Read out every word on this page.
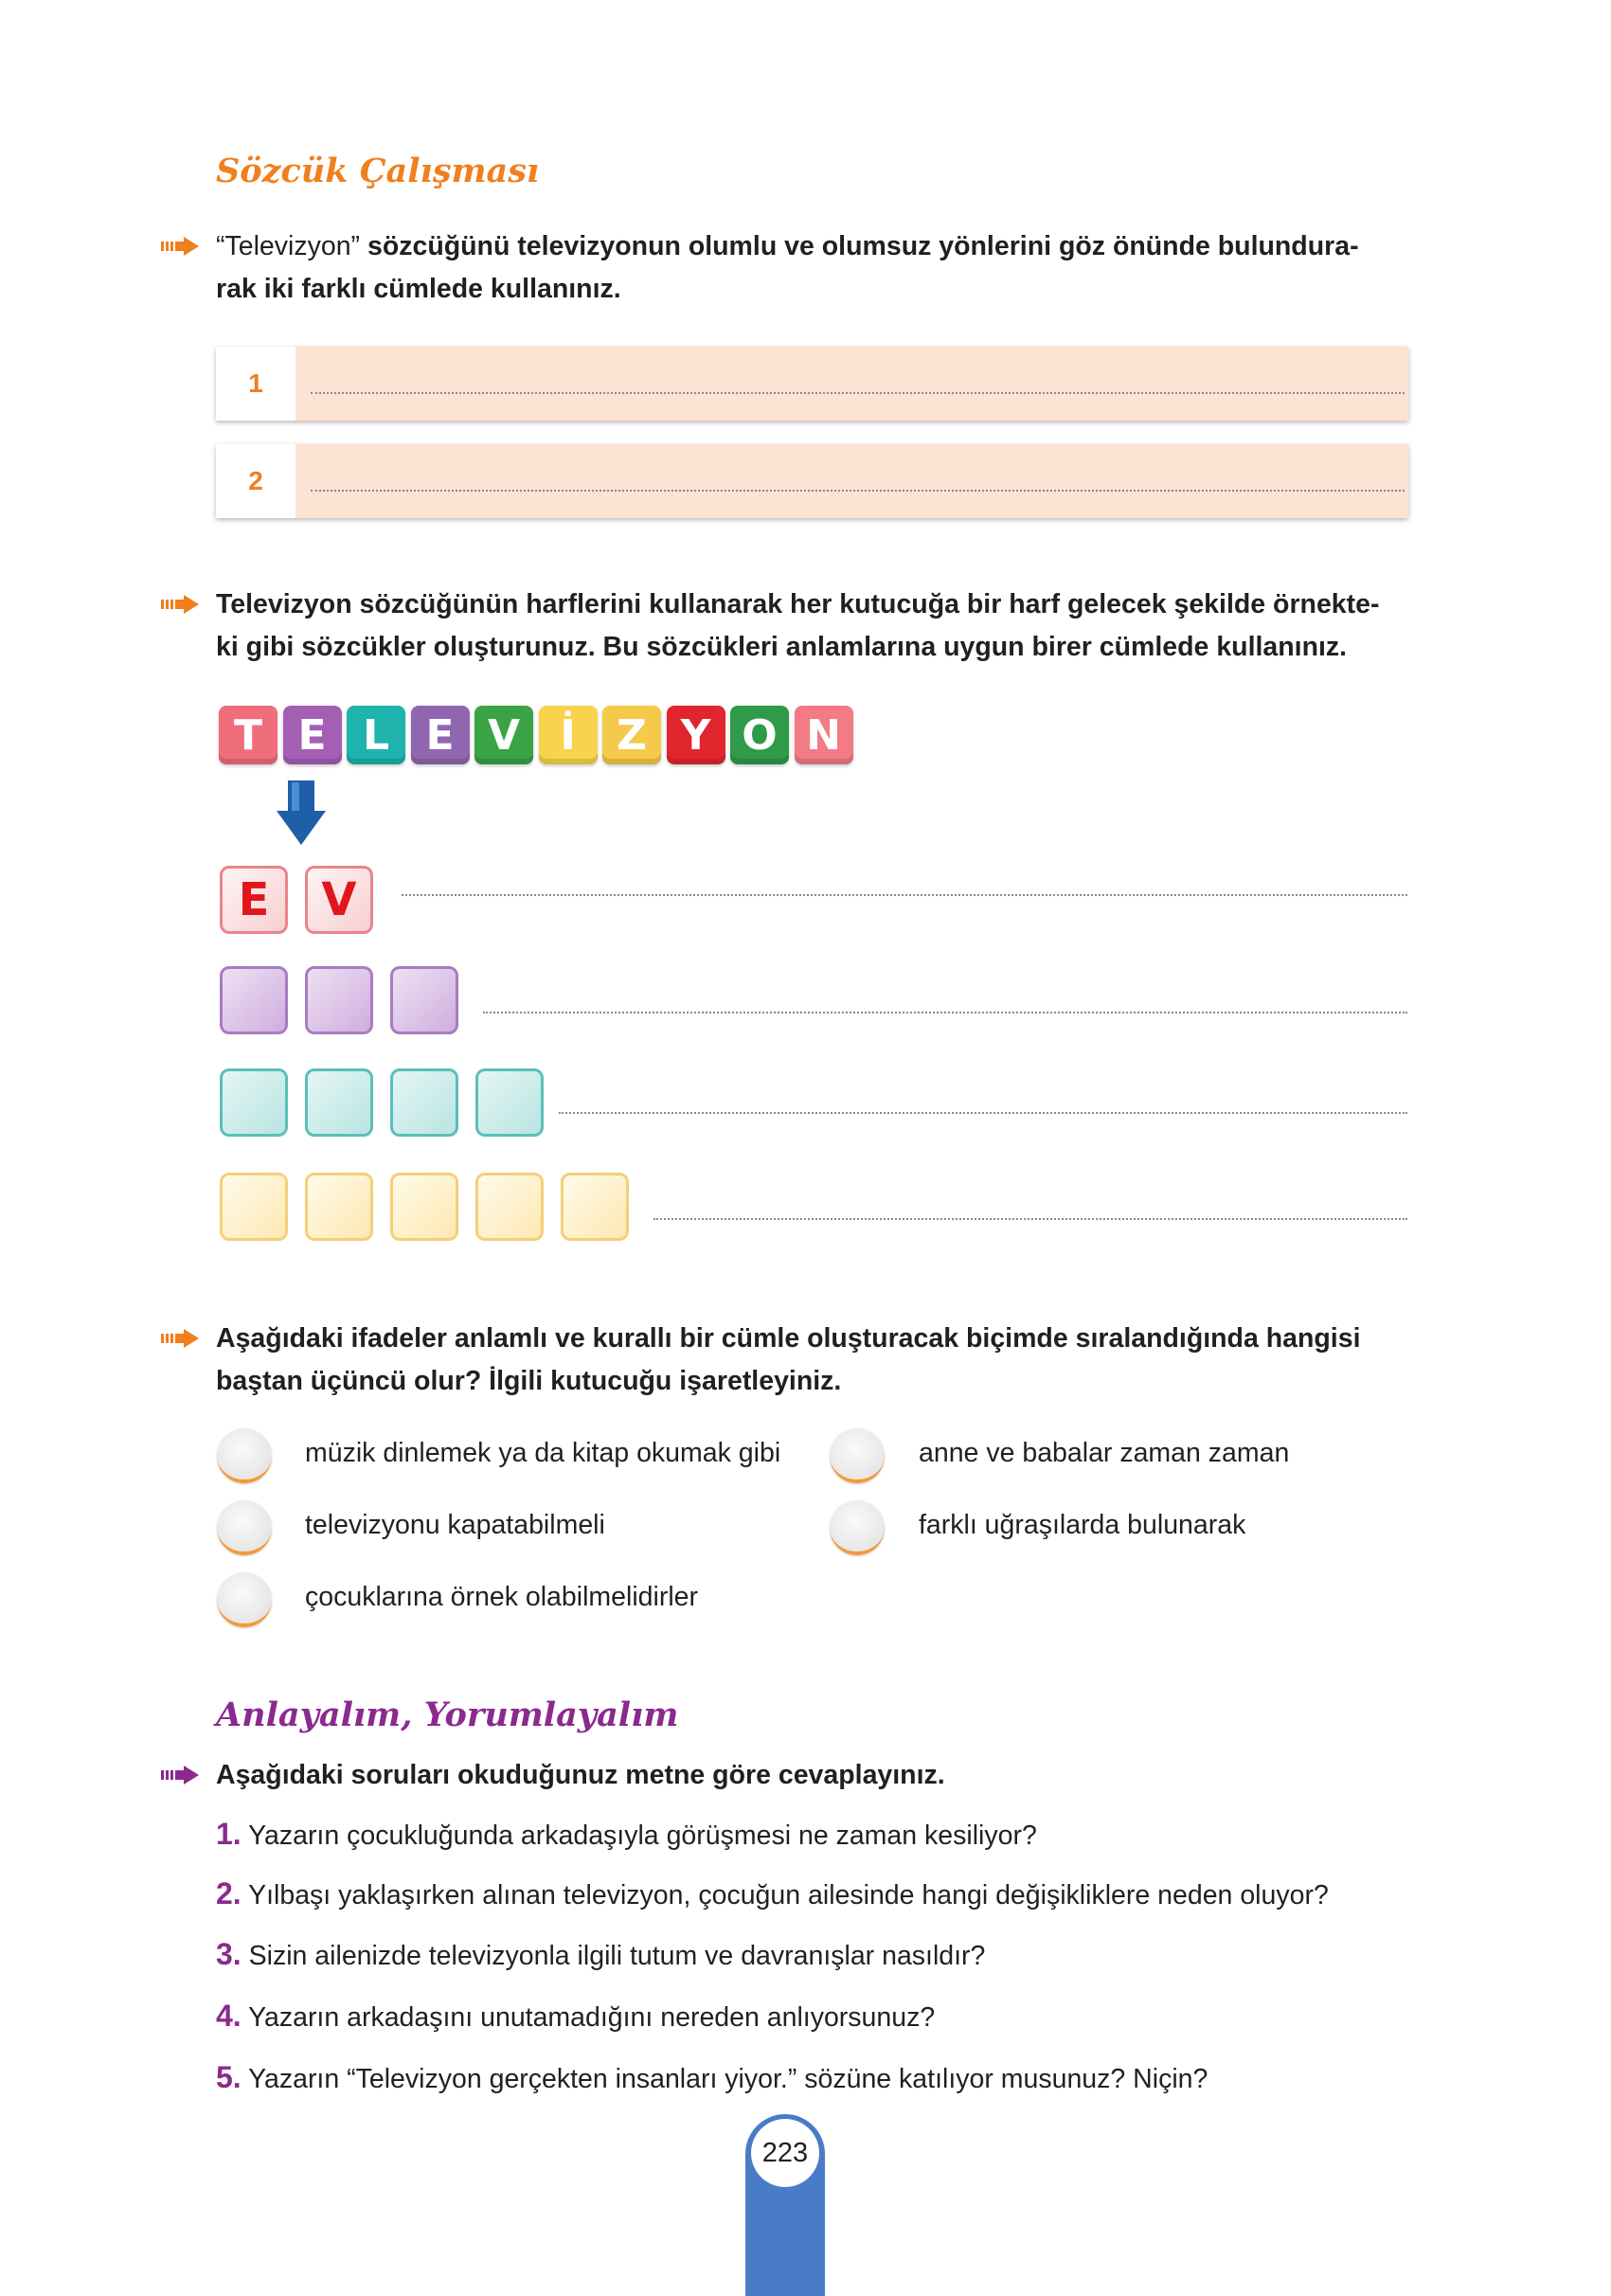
Sözcük Çalışması
“Televizyon” sözcüğünü televizyonun olumlu ve olumsuz yönlerini göz önünde bulundura-
rak iki farklı cümlede kullanınız.
1
2
Televizyon sözcüğünün harflerini kullanarak her kutucuğa bir harf gelecek şekilde örnekte-
ki gibi sözcükler oluşturunuz. Bu sözcükleri anlamlarına uygun birer cümlede kullanınız.
T E L E V İ Z Y O N
E	V
Aşağıdaki ifadeler anlamlı ve kurallı bir cümle oluşturacak biçimde sıralandığında hangisi
baştan üçüncü olur? İlgili kutucuğu işaretleyiniz.
müzik dinlemek ya da kitap okumak gibi	anne ve babalar zaman zaman
televizyonu kapatabilmeli	farklı uğraşılarda bulunarak
çocuklarına örnek olabilmelidirler
Anlayalım, Yorumlayalım
Aşağıdaki soruları okuduğunuz metne göre cevaplayınız.
1. Yazarın çocukluğunda arkadaşıyla görüşmesi ne zaman kesiliyor?
2. Yılbaşı yaklaşırken alınan televizyon, çocuğun ailesinde hangi değişikliklere neden oluyor?
3. Sizin ailenizde televizyonla ilgili tutum ve davranışlar nasıldır?
4. Yazarın arkadaşını unutamadığını nereden anlıyorsunuz?
5. Yazarın “Televizyon gerçekten insanları yiyor.” sözüne katılıyor musunuz? Niçin?
223
